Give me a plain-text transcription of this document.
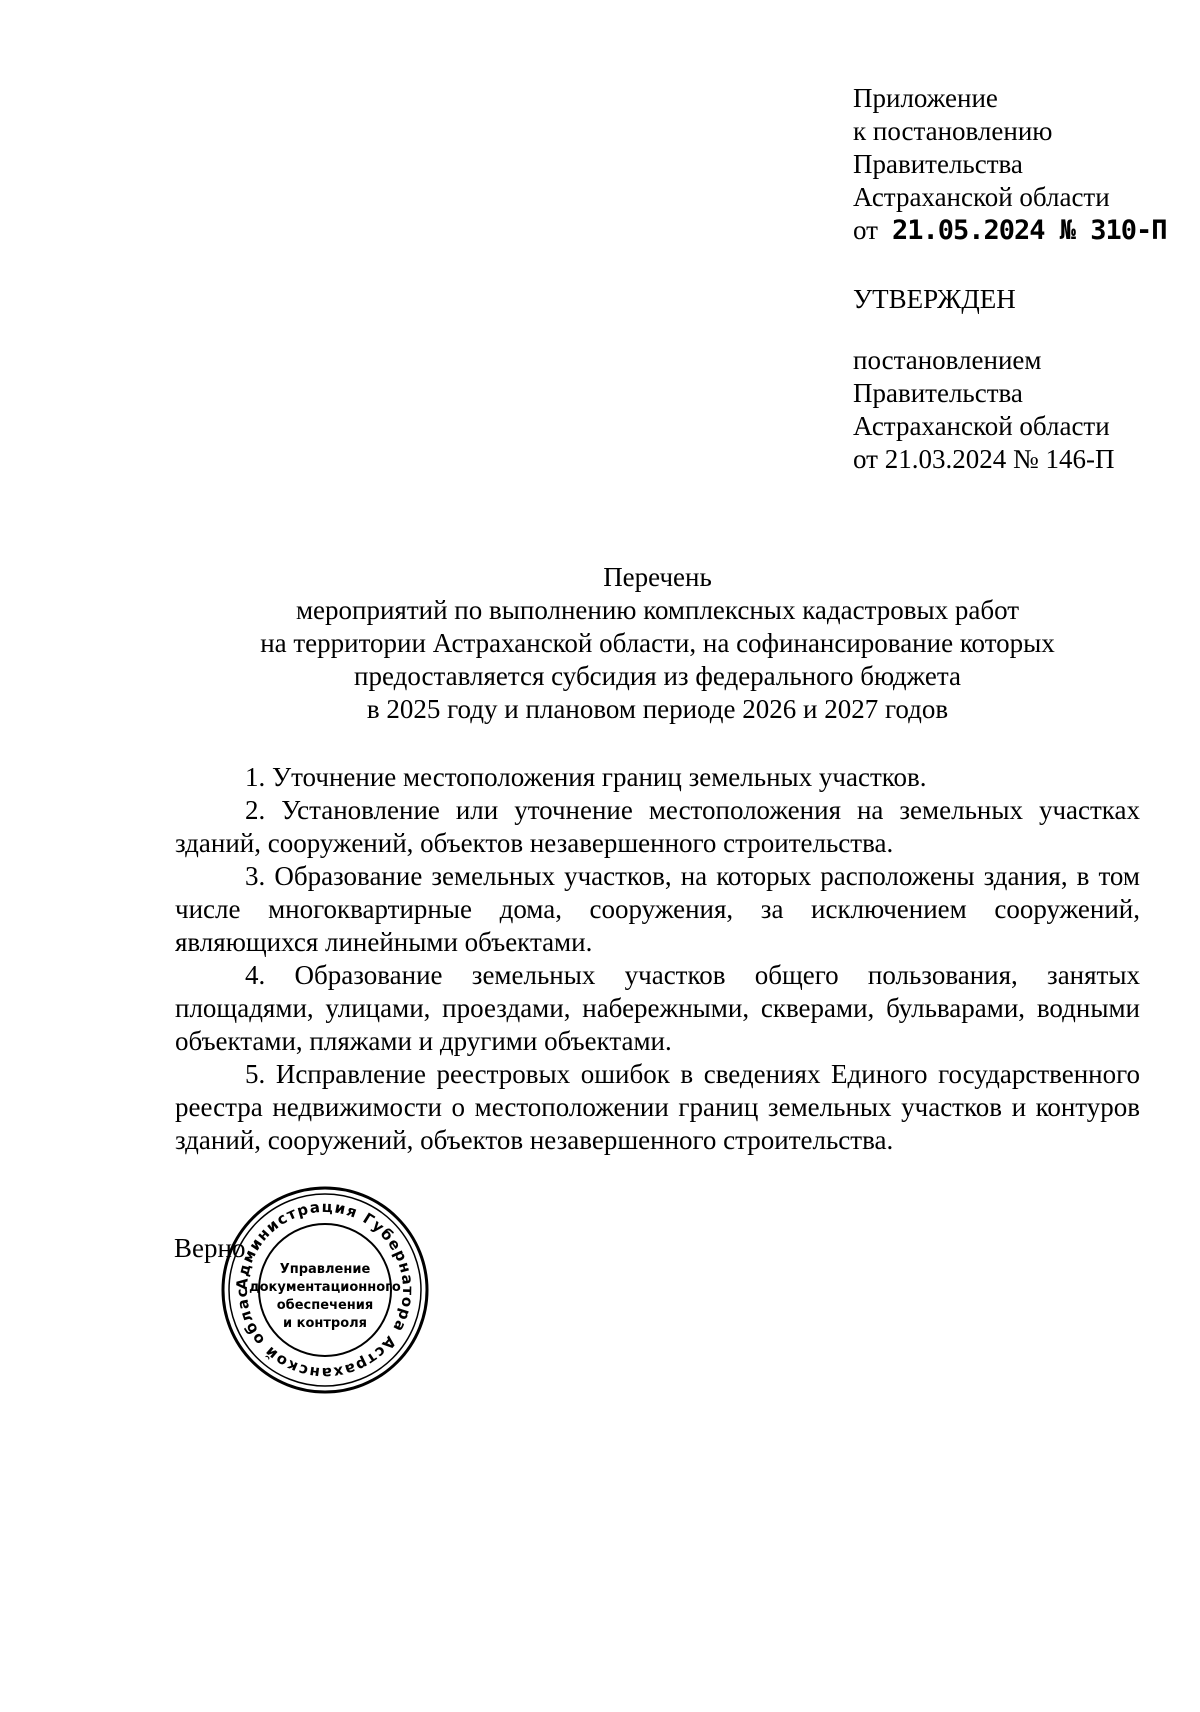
Приложение
к постановлению
Правительства
Астраханской области
от 21.05.2024 № 310-П
УТВЕРЖДЕН
постановлением
Правительства
Астраханской области
от 21.03.2024 № 146-П
Перечень
мероприятий по выполнению комплексных кадастровых работ
на территории Астраханской области, на софинансирование которых
предоставляется субсидия из федерального бюджета
в 2025 году и плановом периоде 2026 и 2027 годов

1. Уточнение местоположения границ земельных участков.

2. Установление или уточнение местоположения на земельных участках зданий, сооружений, объектов незавершенного строительства.

3. Образование земельных участков, на которых расположены здания, в том числе многоквартирные дома, сооружения, за исключением сооружений, являющихся линейными объектами.

4. Образование земельных участков общего пользования, занятых площадями, улицами, проездами, набережными, скверами, бульварами, водными объектами, пляжами и другими объектами.

5. Исправление реестровых ошибок в сведениях Единого государственного реестра недвижимости о местоположении границ земельных участков и контуров зданий, сооружений, объектов незавершенного строительства.

Верно
Администрация Губернатора Астраханской области *
Управление
документационного
обеспечения
и контроля
